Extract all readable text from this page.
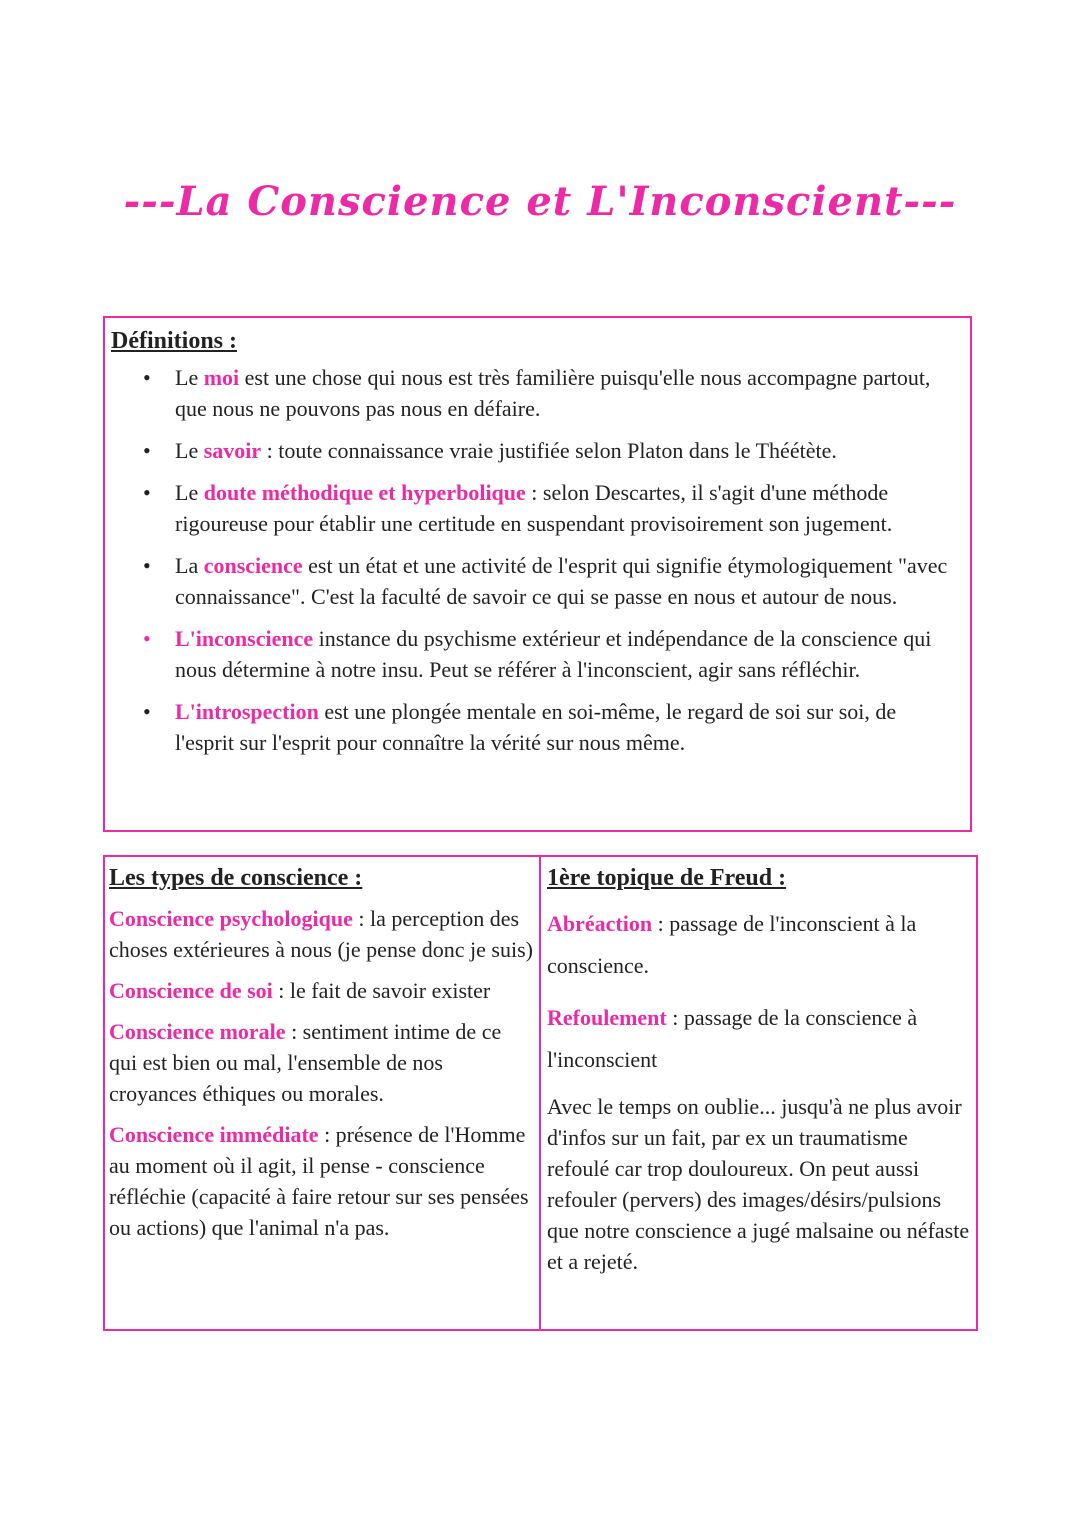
---La Conscience et L'Inconscient---
Définitions :
•	Le moi est une chose qui nous est très familière puisqu'elle nous accompagne partout, que nous ne pouvons pas nous en défaire.
•	Le savoir : toute connaissance vraie justifiée selon Platon dans le Théétète.
•	Le doute méthodique et hyperbolique : selon Descartes, il s'agit d'une méthode rigoureuse pour établir une certitude en suspendant provisoirement son jugement.
•	La conscience est un état et une activité de l'esprit qui signifie étymologiquement "avec connaissance". C'est la faculté de savoir ce qui se passe en nous et autour de nous.
•	L'inconscience instance du psychisme extérieur et indépendance de la conscience qui nous détermine à notre insu. Peut se référer à l'inconscient, agir sans réfléchir.
•	L'introspection est une plongée mentale en soi-même, le regard de soi sur soi, de l'esprit sur l'esprit pour connaître la vérité sur nous même.
Les types de conscience :

Conscience psychologique : la perception des choses extérieures à nous (je pense donc je suis)

Conscience de soi : le fait de savoir exister

Conscience morale : sentiment intime de ce qui est bien ou mal, l'ensemble de nos croyances éthiques ou morales.

Conscience immédiate : présence de l'Homme au moment où il agit, il pense - conscience réfléchie (capacité à faire retour sur ses pensées ou actions) que l'animal n'a pas.

1ère topique de Freud :

Abréaction : passage de l'inconscient à la conscience.

Refoulement : passage de la conscience à l'inconscient

Avec le temps on oublie... jusqu'à ne plus avoir d'infos sur un fait, par ex un traumatisme refoulé car trop douloureux. On peut aussi refouler (pervers) des images/désirs/pulsions que notre conscience a jugé malsaine ou néfaste et a rejeté.
